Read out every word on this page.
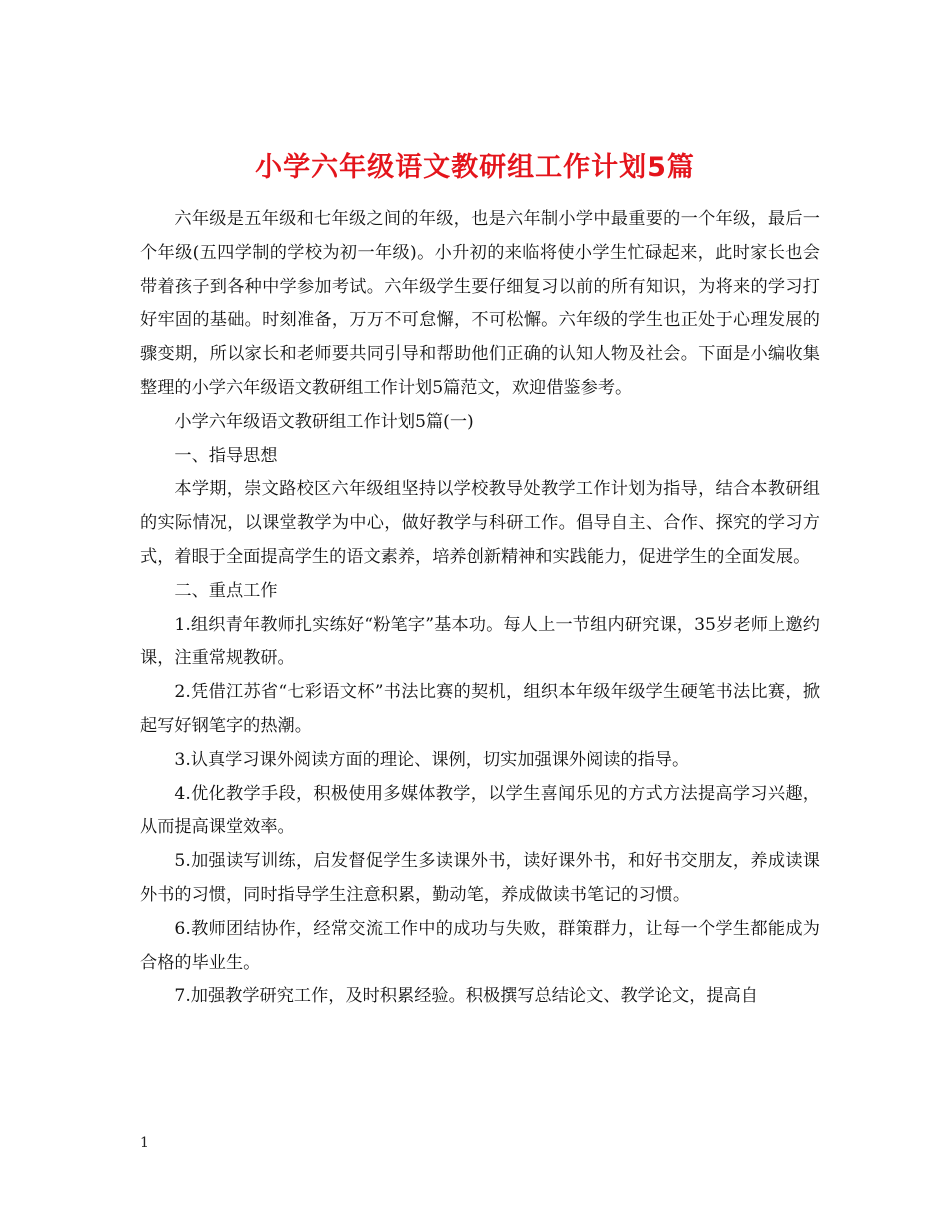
小学六年级语文教研组工作计划5篇

六年级是五年级和七年级之间的年级，也是六年制小学中最重要的一个年级，最后一个年级(五四学制的学校为初一年级)。小升初的来临将使小学生忙碌起来，此时家长也会带着孩子到各种中学参加考试。六年级学生要仔细复习以前的所有知识，为将来的学习打好牢固的基础。时刻准备，万万不可怠懈，不可松懈。六年级的学生也正处于心理发展的骤变期，所以家长和老师要共同引导和帮助他们正确的认知人物及社会。下面是小编收集整理的小学六年级语文教研组工作计划5篇范文，欢迎借鉴参考。

小学六年级语文教研组工作计划5篇(一)

一、指导思想

本学期，崇文路校区六年级组坚持以学校教导处教学工作计划为指导，结合本教研组的实际情况，以课堂教学为中心，做好教学与科研工作。倡导自主、合作、探究的学习方式，着眼于全面提高学生的语文素养，培养创新精神和实践能力，促进学生的全面发展。

二、重点工作

1.组织青年教师扎实练好“粉笔字”基本功。每人上一节组内研究课，35岁老师上邀约课，注重常规教研。

2.凭借江苏省“七彩语文杯”书法比赛的契机，组织本年级年级学生硬笔书法比赛，掀起写好钢笔字的热潮。

3.认真学习课外阅读方面的理论、课例，切实加强课外阅读的指导。

4.优化教学手段，积极使用多媒体教学，以学生喜闻乐见的方式方法提高学习兴趣，从而提高课堂效率。

5.加强读写训练，启发督促学生多读课外书，读好课外书，和好书交朋友，养成读课外书的习惯，同时指导学生注意积累，勤动笔，养成做读书笔记的习惯。

6.教师团结协作，经常交流工作中的成功与失败，群策群力，让每一个学生都能成为合格的毕业生。

7.加强教学研究工作，及时积累经验。积极撰写总结论文、教学论文，提高自

1
